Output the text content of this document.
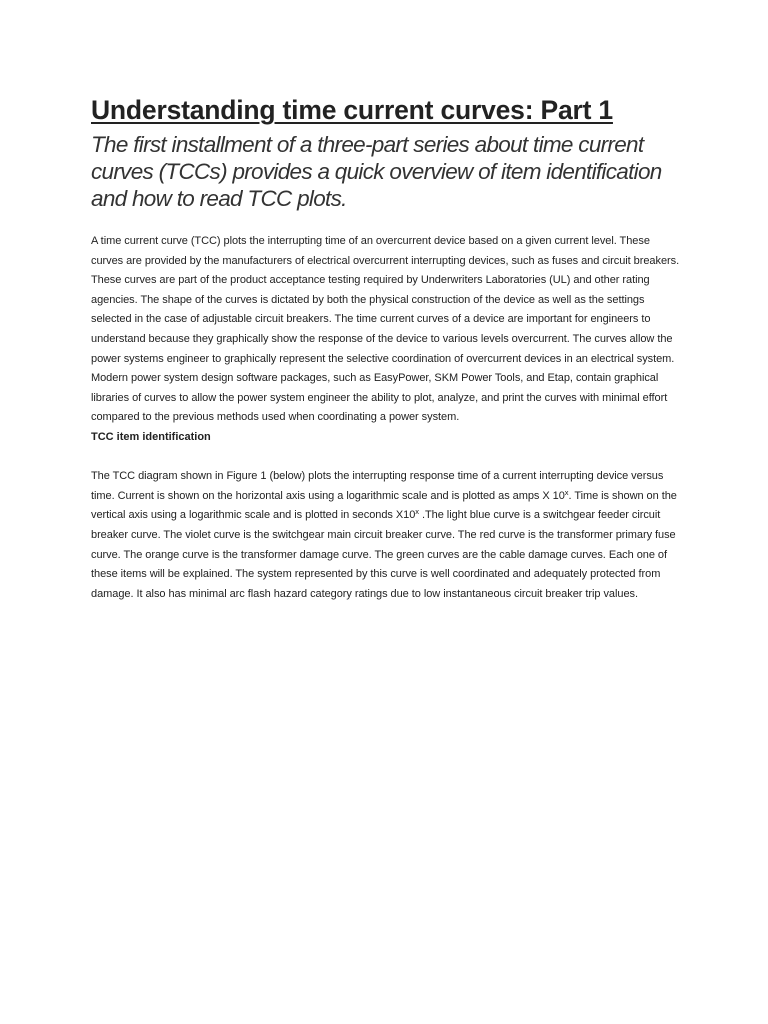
Understanding time current curves: Part 1
The first installment of a three-part series about time current curves (TCCs) provides a quick overview of item identification and how to read TCC plots.

A time current curve (TCC) plots the interrupting time of an overcurrent device based on a given current level. These curves are provided by the manufacturers of electrical overcurrent interrupting devices, such as fuses and circuit breakers. These curves are part of the product acceptance testing required by Underwriters Laboratories (UL) and other rating agencies. The shape of the curves is dictated by both the physical construction of the device as well as the settings selected in the case of adjustable circuit breakers. The time current curves of a device are important for engineers to understand because they graphically show the response of the device to various levels overcurrent. The curves allow the power systems engineer to graphically represent the selective coordination of overcurrent devices in an electrical system. Modern power system design software packages, such as EasyPower, SKM Power Tools, and Etap, contain graphical libraries of curves to allow the power system engineer the ability to plot, analyze, and print the curves with minimal effort compared to the previous methods used when coordinating a power system.

TCC item identification

The TCC diagram shown in Figure 1 (below) plots the interrupting response time of a current interrupting device versus time. Current is shown on the horizontal axis using a logarithmic scale and is plotted as amps X 10$^x$. Time is shown on the vertical axis using a logarithmic scale and is plotted in seconds X10$^x$ .The light blue curve is a switchgear feeder circuit breaker curve. The violet curve is the switchgear main circuit breaker curve. The red curve is the transformer primary fuse curve. The orange curve is the transformer damage curve. The green curves are the cable damage curves. Each one of these items will be explained. The system represented by this curve is well coordinated and adequately protected from damage. It also has minimal arc flash hazard category ratings due to low instantaneous circuit breaker trip values.
